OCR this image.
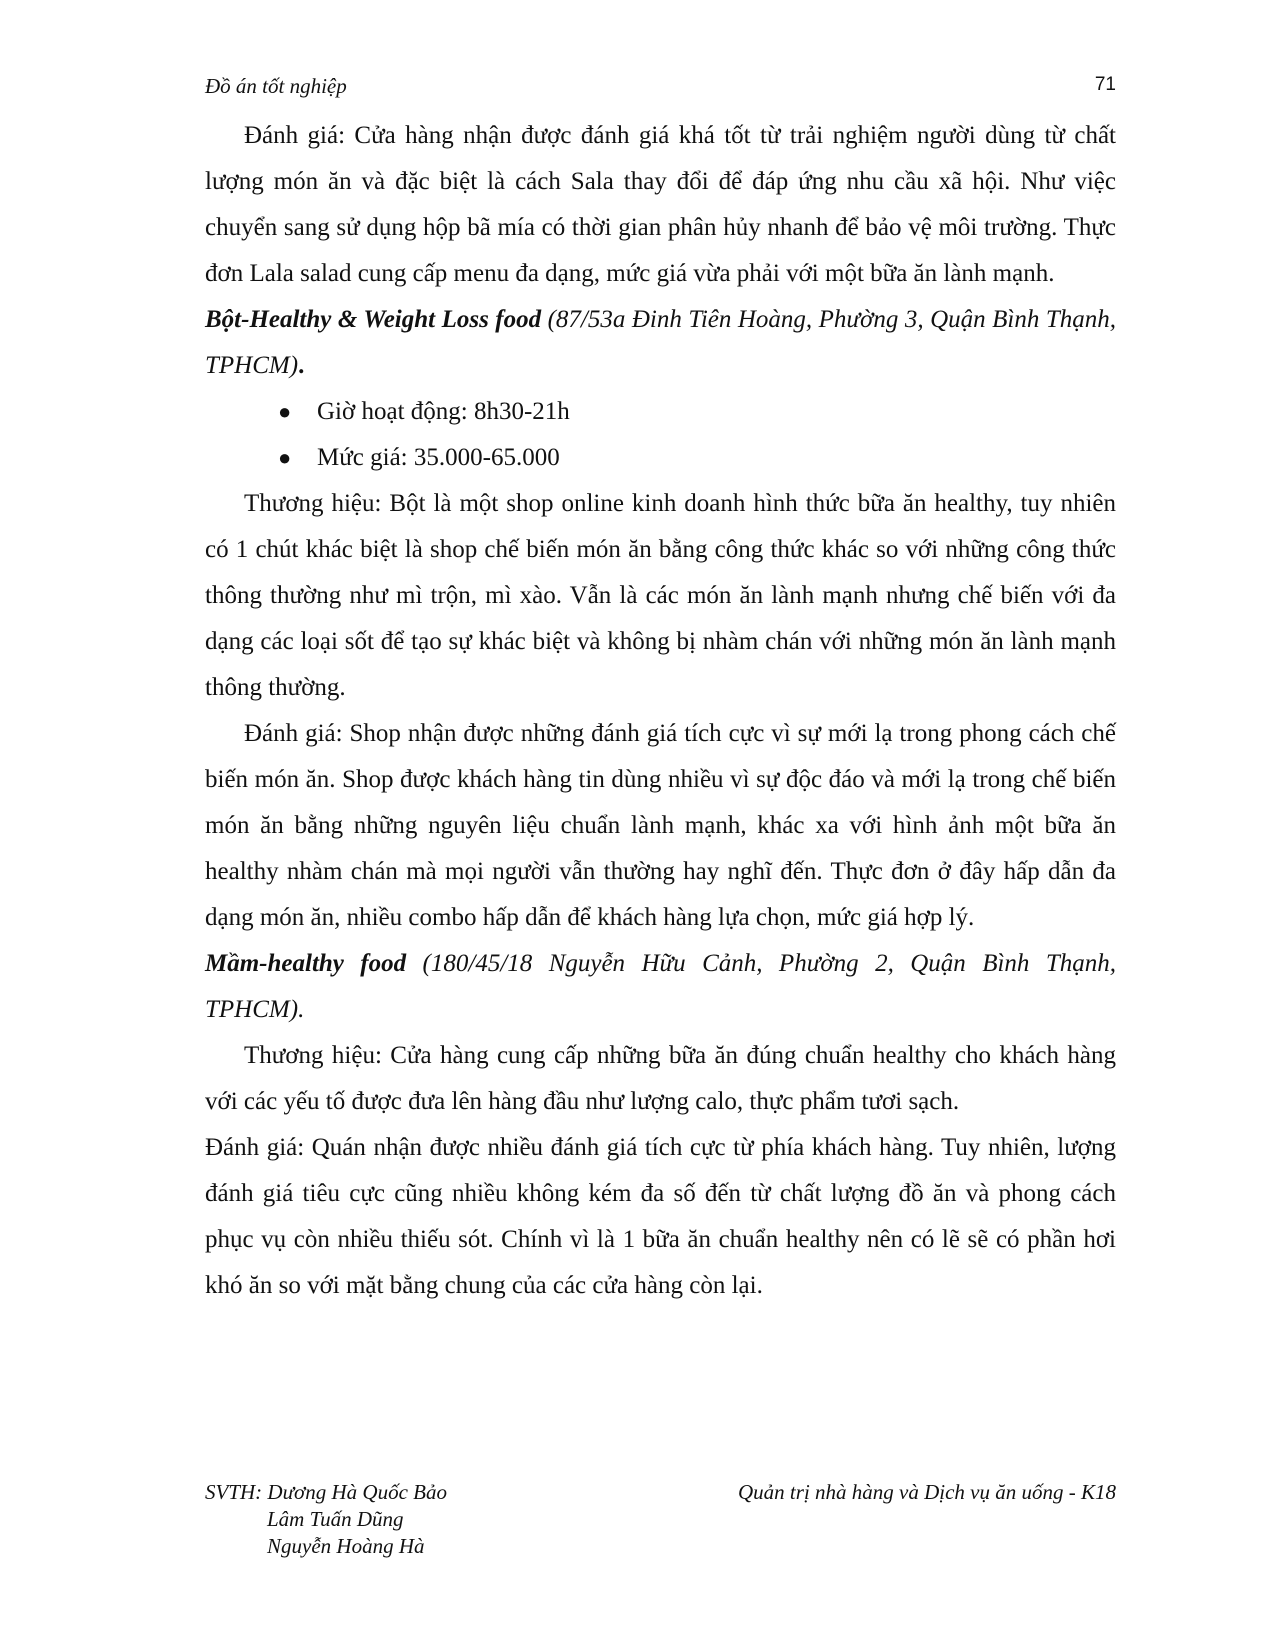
Đồ án tốt nghiệp	71

Đánh giá: Cửa hàng nhận được đánh giá khá tốt từ trải nghiệm người dùng từ chất lượng món ăn và đặc biệt là cách Sala thay đổi để đáp ứng nhu cầu xã hội. Như việc chuyển sang sử dụng hộp bã mía có thời gian phân hủy nhanh để bảo vệ môi trường. Thực đơn Lala salad cung cấp menu đa dạng, mức giá vừa phải với một bữa ăn lành mạnh.

Bột-Healthy & Weight Loss food (87/53a Đinh Tiên Hoàng, Phường 3, Quận Bình Thạnh, TPHCM).

● Giờ hoạt động: 8h30-21h
● Mức giá: 35.000-65.000

Thương hiệu: Bột là một shop online kinh doanh hình thức bữa ăn healthy, tuy nhiên có 1 chút khác biệt là shop chế biến món ăn bằng công thức khác so với những công thức thông thường như mì trộn, mì xào. Vẫn là các món ăn lành mạnh nhưng chế biến với đa dạng các loại sốt để tạo sự khác biệt và không bị nhàm chán với những món ăn lành mạnh thông thường.

Đánh giá: Shop nhận được những đánh giá tích cực vì sự mới lạ trong phong cách chế biến món ăn. Shop được khách hàng tin dùng nhiều vì sự độc đáo và mới lạ trong chế biến món ăn bằng những nguyên liệu chuẩn lành mạnh, khác xa với hình ảnh một bữa ăn healthy nhàm chán mà mọi người vẫn thường hay nghĩ đến. Thực đơn ở đây hấp dẫn đa dạng món ăn, nhiều combo hấp dẫn để khách hàng lựa chọn, mức giá hợp lý.

Mầm-healthy food (180/45/18 Nguyễn Hữu Cảnh, Phường 2, Quận Bình Thạnh, TPHCM).

Thương hiệu: Cửa hàng cung cấp những bữa ăn đúng chuẩn healthy cho khách hàng với các yếu tố được đưa lên hàng đầu như lượng calo, thực phẩm tươi sạch.

Đánh giá: Quán nhận được nhiều đánh giá tích cực từ phía khách hàng. Tuy nhiên, lượng đánh giá tiêu cực cũng nhiều không kém đa số đến từ chất lượng đồ ăn và phong cách phục vụ còn nhiều thiếu sót. Chính vì là 1 bữa ăn chuẩn healthy nên có lẽ sẽ có phần hơi khó ăn so với mặt bằng chung của các cửa hàng còn lại.

SVTH: Dương Hà Quốc Bảo
Lâm Tuấn Dũng
Nguyễn Hoàng Hà
Quản trị nhà hàng và Dịch vụ ăn uống - K18
